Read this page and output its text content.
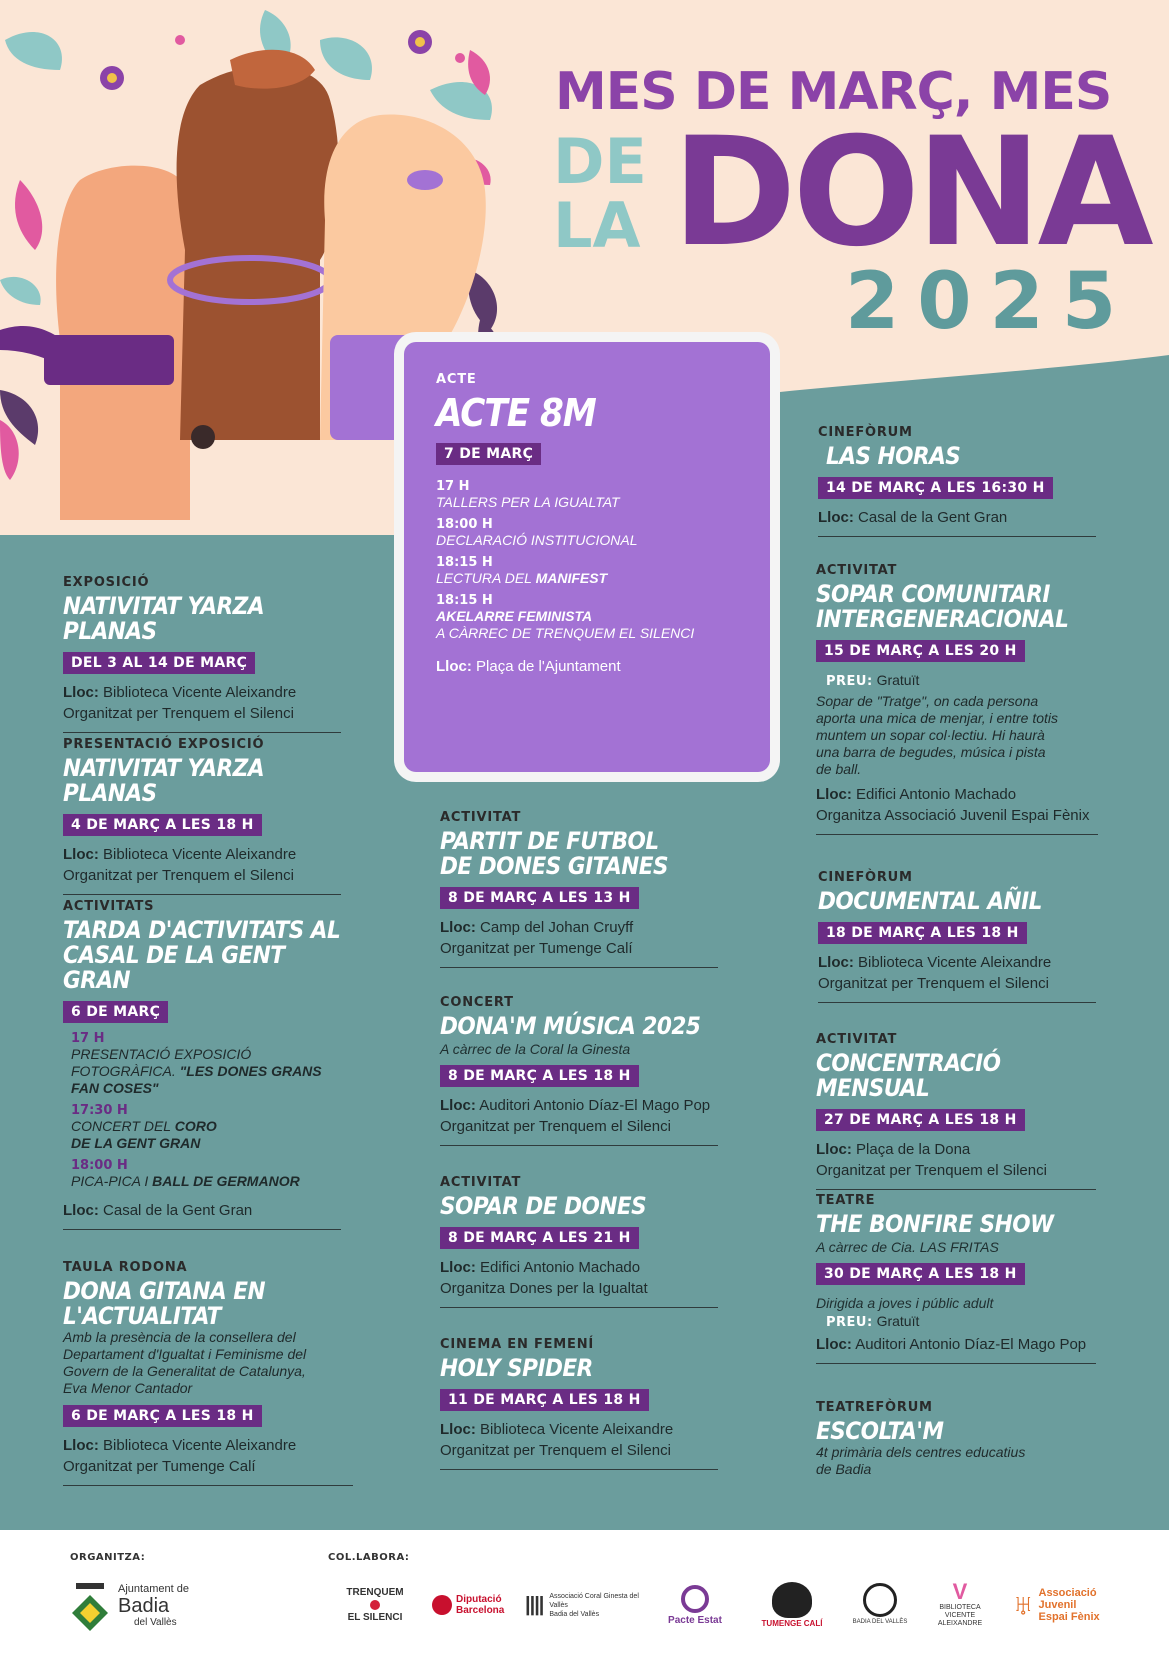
MES DE MARÇ, MES
DE
LA DONA
2025
ACTE
ACTE 8M
7 DE MARÇ
17 H
TALLERS PER LA IGUALTAT
18:00 H
DECLARACIÓ INSTITUCIONAL
18:15 H
LECTURA DEL MANIFEST
18:15 H
AKELARRE FEMINISTA
A CÀRREC DE TRENQUEM EL SILENCI
Lloc: Plaça de l'Ajuntament
EXPOSICIÓ
NATIVITAT YARZA PLANAS
DEL 3 AL 14 DE MARÇ
Lloc: Biblioteca Vicente Aleixandre
Organitzat per Trenquem el Silenci
PRESENTACIÓ EXPOSICIÓ
NATIVITAT YARZA PLANAS
4 DE MARÇ A LES 18 H
Lloc: Biblioteca Vicente Aleixandre
Organitzat per Trenquem el Silenci
ACTIVITATS
TARDA D'ACTIVITATS AL
CASAL DE LA GENT GRAN
6 DE MARÇ
17 H
PRESENTACIÓ EXPOSICIÓ
FOTOGRÀFICA. "LES DONES GRANS
FAN COSES"
17:30 H
CONCERT DEL CORO
DE LA GENT GRAN
18:00 H
PICA-PICA I BALL DE GERMANOR
Lloc: Casal de la Gent Gran
TAULA RODONA
DONA GITANA EN L'ACTUALITAT
Amb la presència de la consellera del
Departament d'Igualtat i Feminisme del
Govern de la Generalitat de Catalunya,
Eva Menor Cantador
6 DE MARÇ A LES 18 H
Lloc: Biblioteca Vicente Aleixandre
Organitzat per Tumenge Calí
ACTIVITAT
PARTIT DE FUTBOL
DE DONES GITANES
8 DE MARÇ A LES 13 H
Lloc: Camp del Johan Cruyff
Organitzat per Tumenge Calí
CONCERT
DONA'M MÚSICA 2025
A càrrec de la Coral la Ginesta
8 DE MARÇ A LES 18 H
Lloc: Auditori Antonio Díaz-El Mago Pop
Organitzat per Trenquem el Silenci
ACTIVITAT
SOPAR DE DONES
8 DE MARÇ A LES 21 H
Lloc: Edifici Antonio Machado
Organitza Dones per la Igualtat
CINEMA EN FEMENÍ
HOLY SPIDER
11 DE MARÇ A LES 18 H
Lloc: Biblioteca Vicente Aleixandre
Organitzat per Trenquem el Silenci
CINEFÒRUM
LAS HORAS
14 DE MARÇ A LES 16:30 H
Lloc: Casal de la Gent Gran
ACTIVITAT
SOPAR COMUNITARI
INTERGENERACIONAL
15 DE MARÇ A LES 20 H
PREU: Gratuït
Sopar de "Tratge", on cada persona
aporta una mica de menjar, i entre totis
muntem un sopar col·lectiu. Hi haurà
una barra de begudes, música i pista
de ball.
Lloc: Edifici Antonio Machado
Organitza Associació Juvenil Espai Fènix
CINEFÒRUM
DOCUMENTAL AÑIL
18 DE MARÇ A LES 18 H
Lloc: Biblioteca Vicente Aleixandre
Organitzat per Trenquem el Silenci
ACTIVITAT
CONCENTRACIÓ MENSUAL
27 DE MARÇ A LES 18 H
Lloc: Plaça de la Dona
Organitzat per Trenquem el Silenci
TEATRE
THE BONFIRE SHOW
A càrrec de Cia. LAS FRITAS
30 DE MARÇ A LES 18 H
Dirigida a joves i públic adult
PREU: Gratuït
Lloc: Auditori Antonio Díaz-El Mago Pop
TEATREFÒRUM
ESCOLTA'M
4t primària dels centres educatius
de Badia
ORGANITZA:	COL.LABORA:
Ajuntament de
Badia
del Vallès
TRENQUEM
EL SILENCI
Diputació
Barcelona |||| Associació Coral Ginesta del Vallès
Badia del Vallès
Pacte Estat	TUMENGE CALÍ	BADIA DEL VALLÈS
V
BIBLIOTECA
VICENTE
ALEIXANDRE
♅ Associació
Juvenil
Espai Fènix
